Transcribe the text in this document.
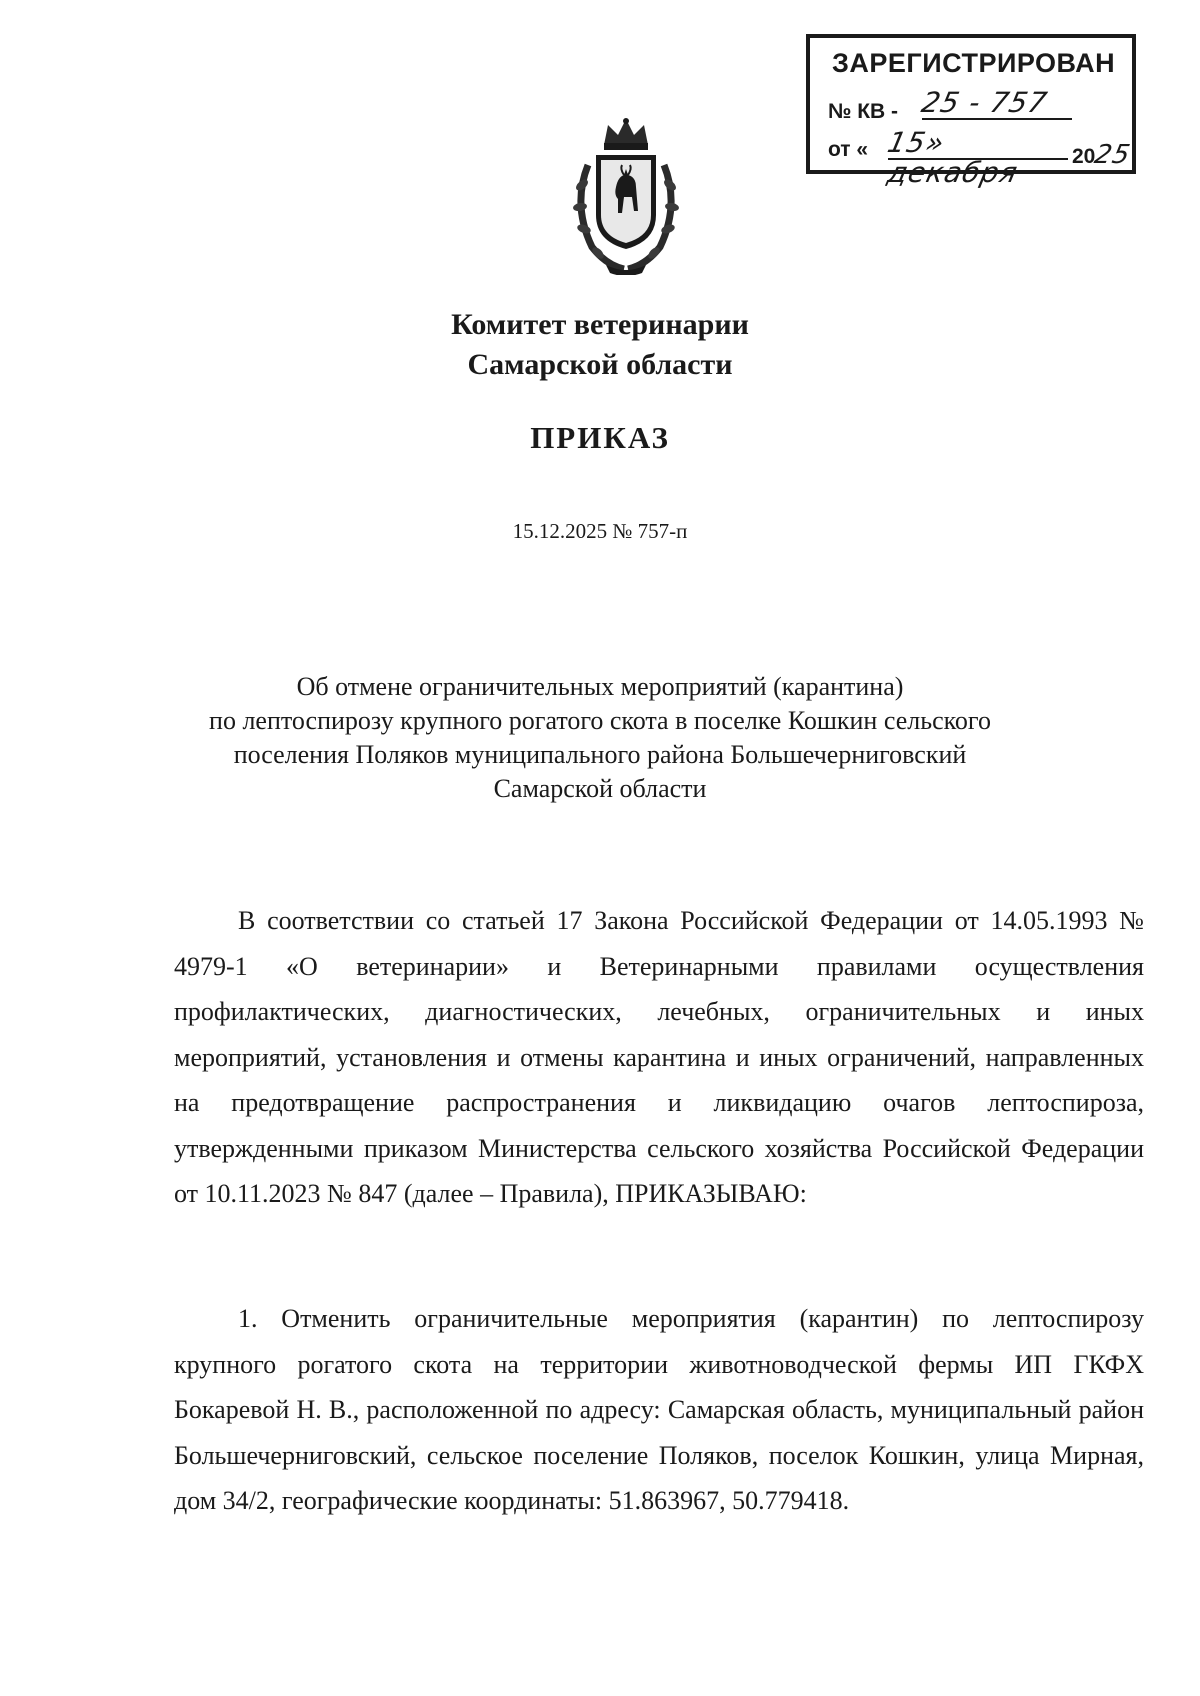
ЗАРЕГИСТРИРОВАН
№ КВ - 25 - 757
от « 15»декабря	2025
Комитет ветеринарии
Самарской области
ПРИКАЗ
15.12.2025 № 757-п
Об отмене ограничительных мероприятий (карантина)
по лептоспирозу крупного рогатого скота в поселке Кошкин сельского
поселения Поляков муниципального района Большечерниговский
Самарской области
В соответствии со статьей 17 Закона Российской Федерации от 14.05.1993 № 4979-1 «О ветеринарии» и Ветеринарными правилами осуществления профилактических, диагностических, лечебных, ограничительных и иных мероприятий, установления и отмены карантина и иных ограничений, направленных на предотвращение распространения и ликвидацию очагов лептоспироза, утвержденными приказом Министерства сельского хозяйства Российской Федерации от 10.11.2023 № 847 (далее – Правила), ПРИКАЗЫВАЮ:
1. Отменить ограничительные мероприятия (карантин) по лептоспирозу крупного рогатого скота на территории животноводческой фермы ИП ГКФХ Бокаревой Н. В., расположенной по адресу: Самарская область, муниципальный район Большечерниговский, сельское поселение Поляков, поселок Кошкин, улица Мирная, дом 34/2, географические координаты: 51.863967, 50.779418.
